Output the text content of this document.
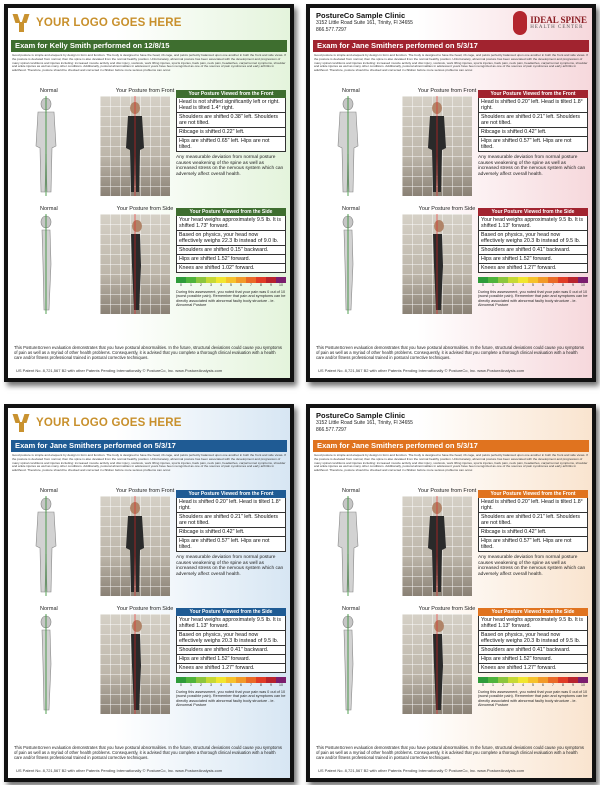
YOUR LOGO GOES HERE
Exam for Kelly Smith performed on 12/8/15
Good posture is simple and eloquent by design in form and function. The body is designed to have the head, rib cage, and pelvis perfectly balanced upon one another in both the front and side views. If the posture is deviated from normal, then the spine is also deviated from the normal healthy position. Unfortunately, abnormal posture has been associated with the development and progression of many spinal conditions and injuries including: increased muscle activity and disc injury, scoliosis, work lifting injuries, sports injuries, back pain, neck pain, headaches, carpal tunnel symptoms, shoulder and ankle injuries as well as many other conditions. Additionally, postural abnormalities in adolescent years have been recognized as one of the sources of pain syndromes and early arthritis in adulthood. Therefore, posture should be checked and corrected in children before more serious problems can occur.
Normal	Your Posture from Front	Your Posture Viewed from the Front
Head is not shifted significantly left or right. Head is tilted 1.4° right.
Shoulders are shifted 0.38" left. Shoulders are not tilted.
Ribcage is shifted 0.22" left.
Hips are shifted 0.65" left. Hips are not tilted.
Any measurable deviation from normal posture causes weakening of the spine as well as increased stress on the nervous system which can adversely affect overall health.
Normal	Your Posture from Side	Your Posture Viewed from the Side
Your head weighs approximately 9.5 lb. It is shifted 1.73" forward.
Based on physics, your head now effectively weighs 22.3 lb instead of 9.0 lb.
Shoulders are shifted 0.15" backward.
Hips are shifted 1.52" forward.
Knees are shifted 1.02" forward.
0	1	2	3	4	5	6	7	8	9	10
During this assessment, you noted that your pain was 0 out of 10 (worst possible pain). Remember that pain and symptoms can be directly associated with abnormal faulty body structure - ie. Abnormal Posture
This PostureScreen evaluation demonstrates that you have postural abnormalities. In the future, structural deviations could cause you symptoms of pain as well as a myriad of other health problems. Consequently, it is advised that you complete a thorough clinical evaluation with a health care and/or fitness professional trained in postural corrective techniques.
US Patent No. 8,721,567 B2 with other Patents Pending Internationally © PostureCo, Inc. www.PostureAnalysis.com
PostureCo Sample Clinic
3152 Little Road Suite 161, Trinity, Fl 34655
866.577.7297
IDEAL SPINE
HEALTH CENTER
Exam for Jane Smithers performed on 5/3/17
Good posture is simple and eloquent by design in form and function. The body is designed to have the head, rib cage, and pelvis perfectly balanced upon one another in both the front and side views. If the posture is deviated from normal, then the spine is also deviated from the normal healthy position. Unfortunately, abnormal posture has been associated with the development and progression of many spinal conditions and injuries including: increased muscle activity and disc injury, scoliosis, work lifting injuries, sports injuries, back pain, neck pain, headaches, carpal tunnel symptoms, shoulder and ankle injuries as well as many other conditions. Additionally, postural abnormalities in adolescent years have been recognized as one of the sources of pain syndromes and early arthritis in adulthood. Therefore, posture should be checked and corrected in children before more serious problems can occur.
Normal	Your Posture from Front	Your Posture Viewed from the Front
Head is shifted 0.20" left. Head is tilted 1.8° right.
Shoulders are shifted 0.21" left. Shoulders are not tilted.
Ribcage is shifted 0.42" left.
Hips are shifted 0.57" left. Hips are not tilted.
Any measurable deviation from normal posture causes weakening of the spine as well as increased stress on the nervous system which can adversely affect overall health.
Normal	Your Posture from Side	Your Posture Viewed from the Side
Your head weighs approximately 9.5 lb. It is shifted 1.13" forward.
Based on physics, your head now effectively weighs 20.3 lb instead of 9.5 lb.
Shoulders are shifted 0.41" backward.
Hips are shifted 1.52" forward.
Knees are shifted 1.27" forward.
0	1	2	3	4	5	6	7	8	9	10
During this assessment, you noted that your pain was 0 out of 10 (worst possible pain). Remember that pain and symptoms can be directly associated with abnormal faulty body structure - ie. Abnormal Posture
This PostureScreen evaluation demonstrates that you have postural abnormalities. In the future, structural deviations could cause you symptoms of pain as well as a myriad of other health problems. Consequently, it is advised that you complete a thorough clinical evaluation with a health care and/or fitness professional trained in postural corrective techniques.
US Patent No. 8,721,567 B2 with other Patents Pending Internationally © PostureCo, Inc. www.PostureAnalysis.com
YOUR LOGO GOES HERE
Exam for Jane Smithers performed on 5/3/17
Good posture is simple and eloquent by design in form and function. The body is designed to have the head, rib cage, and pelvis perfectly balanced upon one another in both the front and side views. If the posture is deviated from normal, then the spine is also deviated from the normal healthy position. Unfortunately, abnormal posture has been associated with the development and progression of many spinal conditions and injuries including: increased muscle activity and disc injury, scoliosis, work lifting injuries, sports injuries, back pain, neck pain, headaches, carpal tunnel symptoms, shoulder and ankle injuries as well as many other conditions. Additionally, postural abnormalities in adolescent years have been recognized as one of the sources of pain syndromes and early arthritis in adulthood. Therefore, posture should be checked and corrected in children before more serious problems can occur.
Normal	Your Posture from Front	Your Posture Viewed from the Front
Head is shifted 0.20" left. Head is tilted 1.8° right.
Shoulders are shifted 0.21" left. Shoulders are not tilted.
Ribcage is shifted 0.42" left.
Hips are shifted 0.57" left. Hips are not tilted.
Any measurable deviation from normal posture causes weakening of the spine as well as increased stress on the nervous system which can adversely affect overall health.
Normal	Your Posture from Side	Your Posture Viewed from the Side
Your head weighs approximately 9.5 lb. It is shifted 1.13" forward.
Based on physics, your head now effectively weighs 20.3 lb instead of 9.5 lb.
Shoulders are shifted 0.41" backward.
Hips are shifted 1.52" forward.
Knees are shifted 1.27" forward.
0	1	2	3	4	5	6	7	8	9	10
During this assessment, you noted that your pain was 0 out of 10 (worst possible pain). Remember that pain and symptoms can be directly associated with abnormal faulty body structure - ie. Abnormal Posture
This PostureScreen evaluation demonstrates that you have postural abnormalities. In the future, structural deviations could cause you symptoms of pain as well as a myriad of other health problems. Consequently, it is advised that you complete a thorough clinical evaluation with a health care and/or fitness professional trained in postural corrective techniques.
US Patent No. 8,721,567 B2 with other Patents Pending Internationally © PostureCo, Inc. www.PostureAnalysis.com
PostureCo Sample Clinic
3152 Little Road Suite 161, Trinity, Fl 34655
866.577.7297
Exam for Jane Smithers performed on 5/3/17
Good posture is simple and eloquent by design in form and function. The body is designed to have the head, rib cage, and pelvis perfectly balanced upon one another in both the front and side views. If the posture is deviated from normal, then the spine is also deviated from the normal healthy position. Unfortunately, abnormal posture has been associated with the development and progression of many spinal conditions and injuries including: increased muscle activity and disc injury, scoliosis, work lifting injuries, sports injuries, back pain, neck pain, headaches, carpal tunnel symptoms, shoulder and ankle injuries as well as many other conditions. Additionally, postural abnormalities in adolescent years have been recognized as one of the sources of pain syndromes and early arthritis in adulthood. Therefore, posture should be checked and corrected in children before more serious problems can occur.
Normal	Your Posture from Front	Your Posture Viewed from the Front
Head is shifted 0.20" left. Head is tilted 1.8° right.
Shoulders are shifted 0.21" left. Shoulders are not tilted.
Ribcage is shifted 0.42" left.
Hips are shifted 0.57" left. Hips are not tilted.
Any measurable deviation from normal posture causes weakening of the spine as well as increased stress on the nervous system which can adversely affect overall health.
Normal	Your Posture from Side	Your Posture Viewed from the Side
Your head weighs approximately 9.5 lb. It is shifted 1.13" forward.
Based on physics, your head now effectively weighs 20.3 lb instead of 9.5 lb.
Shoulders are shifted 0.41" backward.
Hips are shifted 1.52" forward.
Knees are shifted 1.27" forward.
0	1	2	3	4	5	6	7	8	9	10
During this assessment, you noted that your pain was 0 out of 10 (worst possible pain). Remember that pain and symptoms can be directly associated with abnormal faulty body structure - ie. Abnormal Posture
This PostureScreen evaluation demonstrates that you have postural abnormalities. In the future, structural deviations could cause you symptoms of pain as well as a myriad of other health problems. Consequently, it is advised that you complete a thorough clinical evaluation with a health care and/or fitness professional trained in postural corrective techniques.
US Patent No. 8,721,567 B2 with other Patents Pending Internationally © PostureCo, Inc. www.PostureAnalysis.com
